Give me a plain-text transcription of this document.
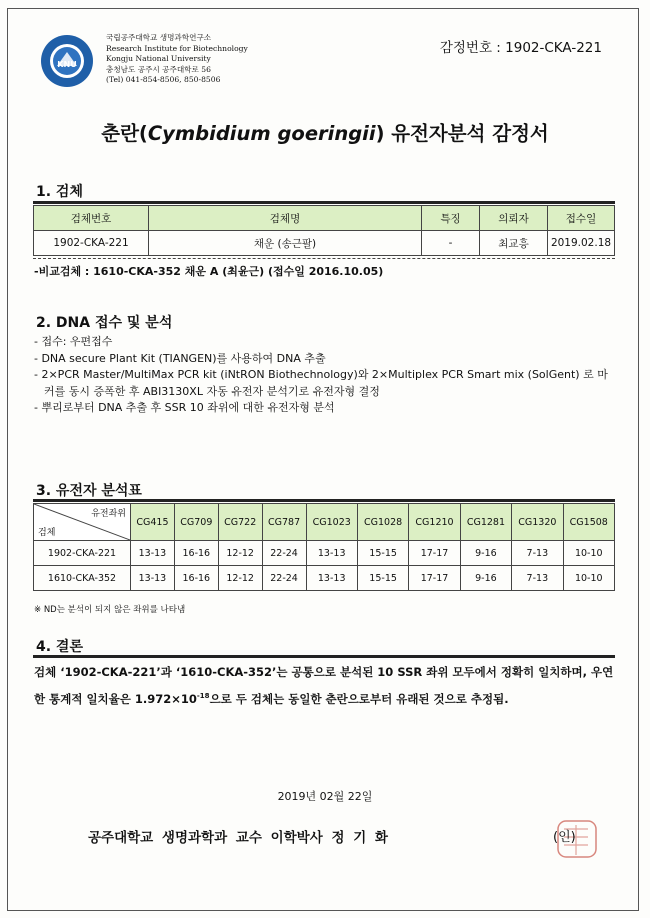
KNU
국립공주대학교 생명과학연구소
Research Institute for Biotechnology
Kongju National University
충청남도 공주시 공주대학로 56
(Tel) 041-854-8506, 850-8506
감정번호 : 1902-CKA-221
춘란(Cymbidium goeringii) 유전자분석 감정서
1. 검체
검체번호	검체명	특징	의뢰자	접수일
1902-CKA-221	채운 (송근팔)	-	최교흥	2019.02.18
-비교검체 : 1610-CKA-352 채운 A (최윤근) (접수일 2016.10.05)
2. DNA 접수 및 분석
- 접수: 우편접수
- DNA secure Plant Kit (TIANGEN)를 사용하여 DNA 추출
- 2×PCR Master/MultiMax PCR kit (iNtRON Biothechnology)와 2×Multiplex PCR Smart mix (SolGent) 로 마커를 동시 증폭한 후 ABI3130XL 자동 유전자 분석기로 유전자형 결정
- 뿌리로부터 DNA 추출 후 SSR 10 좌위에 대한 유전자형 분석
3. 유전자 분석표
유전좌위
검체	CG415	CG709	CG722	CG787	CG1023	CG1028	CG1210	CG1281	CG1320	CG1508
1902-CKA-221	13-13	16-16	12-12	22-24	13-13	15-15	17-17	9-16	7-13	10-10
1610-CKA-352	13-13	16-16	12-12	22-24	13-13	15-15	17-17	9-16	7-13	10-10
※ ND는 분석이 되지 않은 좌위를 나타냄
4. 결론
검체 ‘1902-CKA-221’과 ‘1610-CKA-352’는 공통으로 분석된 10 SSR 좌위 모두에서 정확히 일치하며, 우연한 통계적 일치율은 $1.972\times 10^{-18}$으로 두 검체는 동일한 춘란으로부터 유래된 것으로 추정됨.
2019년 02월 22일
공주대학교 생명과학과 교수 이학박사 정 기 화	(인)
